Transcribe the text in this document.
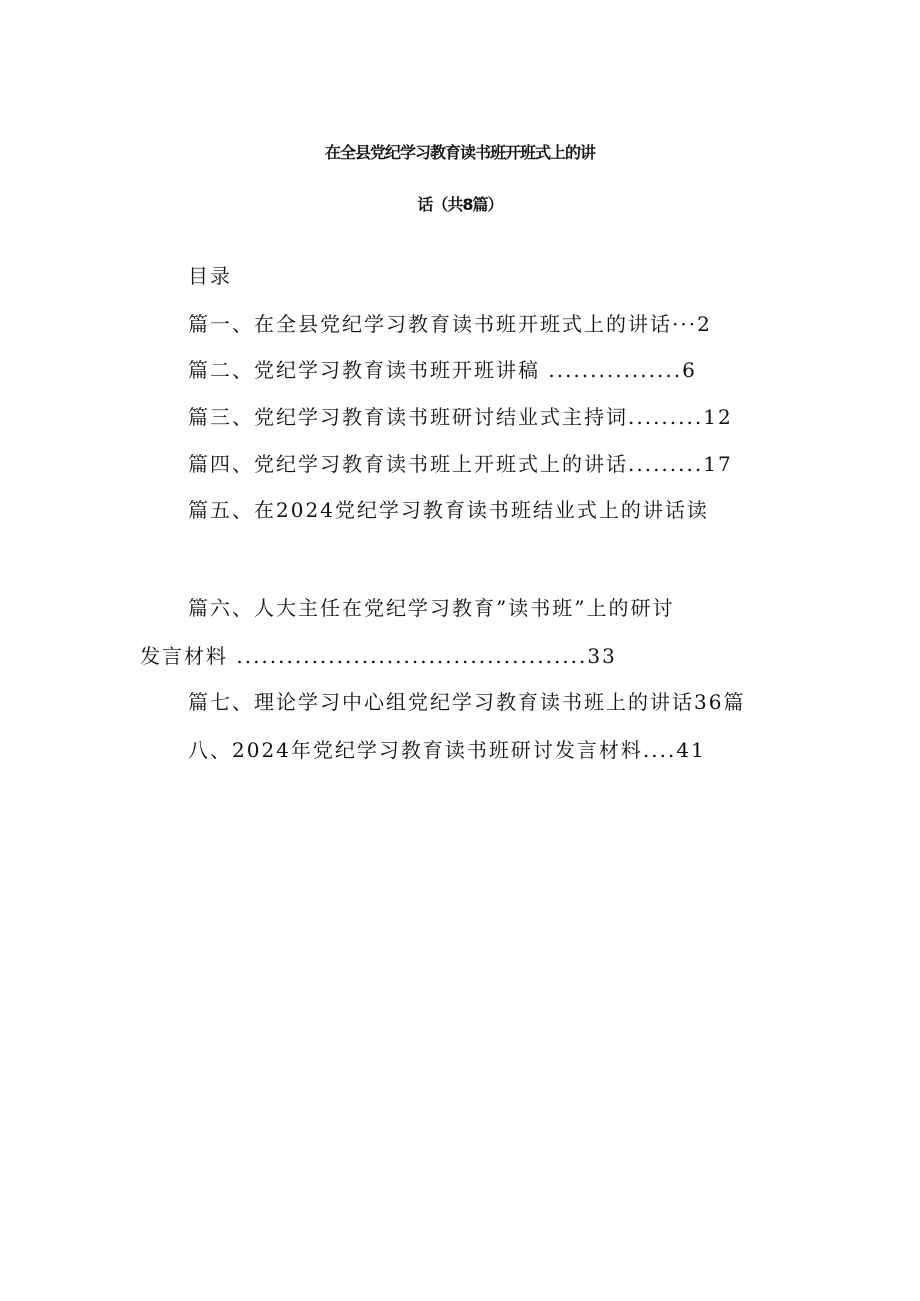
在全县党纪学习教育读书班开班式上的讲
话（共8篇）
目录
篇一、在全县党纪学习教育读书班开班式上的讲话···2
篇二、党纪学习教育读书班开班讲稿 ................6
篇三、党纪学习教育读书班研讨结业式主持词.........12
篇四、党纪学习教育读书班上开班式上的讲话.........17
篇五、在2024党纪学习教育读书班结业式上的讲话读
篇六、人大主任在党纪学习教育”读书班”上的研讨
发言材料 ..........................................33
篇七、理论学习中心组党纪学习教育读书班上的讲话36篇
八、2024年党纪学习教育读书班研讨发言材料....41
